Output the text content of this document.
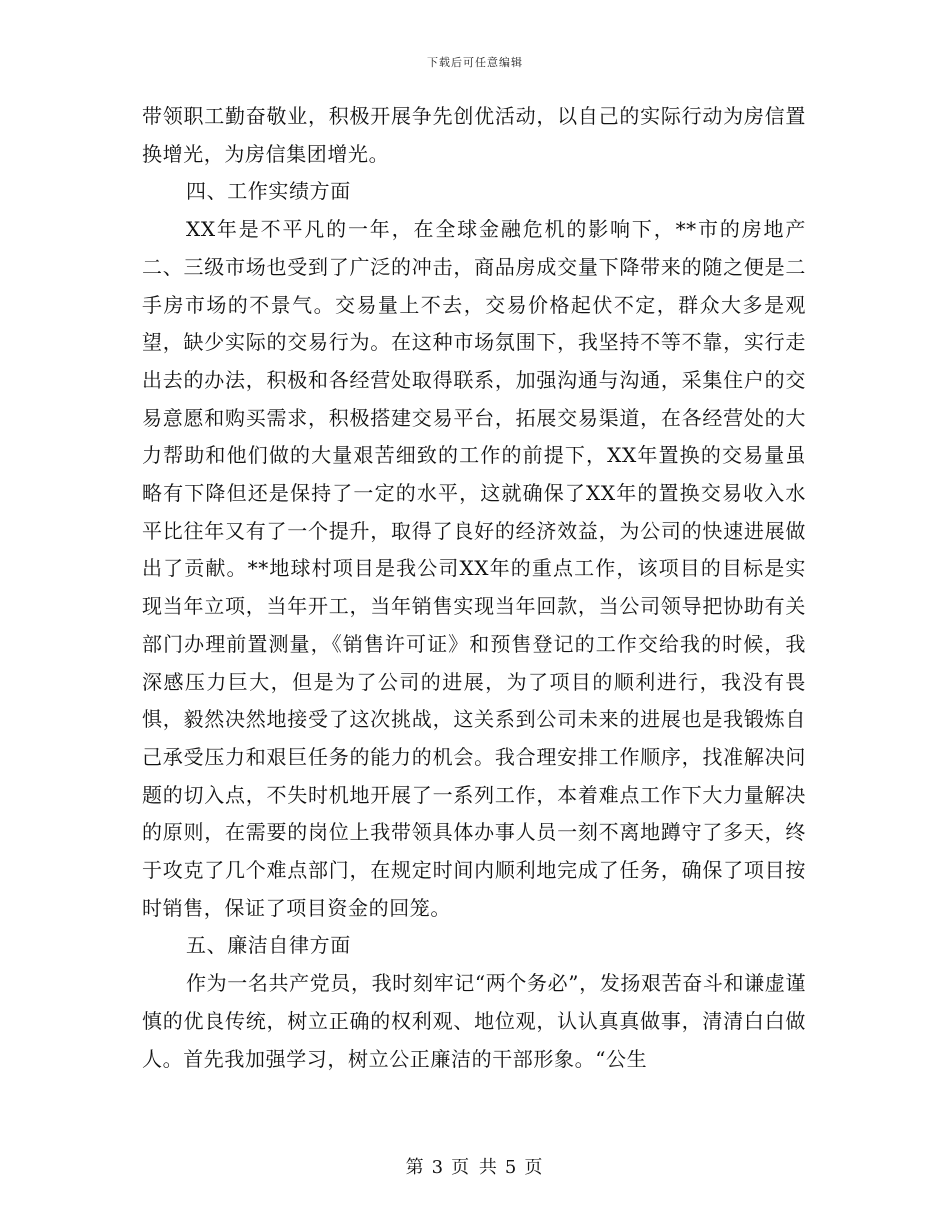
下载后可任意编辑

带领职工勤奋敬业，积极开展争先创优活动，以自己的实际行动为房信置换增光，为房信集团增光。

四、工作实绩方面

XX年是不平凡的一年，在全球金融危机的影响下，**市的房地产二、三级市场也受到了广泛的冲击，商品房成交量下降带来的随之便是二手房市场的不景气。交易量上不去，交易价格起伏不定，群众大多是观望，缺少实际的交易行为。在这种市场氛围下，我坚持不等不靠，实行走出去的办法，积极和各经营处取得联系，加强沟通与沟通，采集住户的交易意愿和购买需求，积极搭建交易平台，拓展交易渠道，在各经营处的大力帮助和他们做的大量艰苦细致的工作的前提下，XX年置换的交易量虽略有下降但还是保持了一定的水平，这就确保了XX年的置换交易收入水平比往年又有了一个提升，取得了良好的经济效益，为公司的快速进展做出了贡献。**地球村项目是我公司XX年的重点工作，该项目的目标是实现当年立项，当年开工，当年销售实现当年回款，当公司领导把协助有关部门办理前置测量，《销售许可证》和预售登记的工作交给我的时候，我深感压力巨大，但是为了公司的进展，为了项目的顺利进行，我没有畏惧，毅然决然地接受了这次挑战，这关系到公司未来的进展也是我锻炼自己承受压力和艰巨任务的能力的机会。我合理安排工作顺序，找准解决问题的切入点，不失时机地开展了一系列工作，本着难点工作下大力量解决的原则，在需要的岗位上我带领具体办事人员一刻不离地蹲守了多天，终于攻克了几个难点部门，在规定时间内顺利地完成了任务，确保了项目按时销售，保证了项目资金的回笼。

五、廉洁自律方面

作为一名共产党员，我时刻牢记“两个务必”，发扬艰苦奋斗和谦虚谨慎的优良传统，树立正确的权利观、地位观，认认真真做事，清清白白做人。首先我加强学习，树立公正廉洁的干部形象。“公生

第 3 页 共 5 页
